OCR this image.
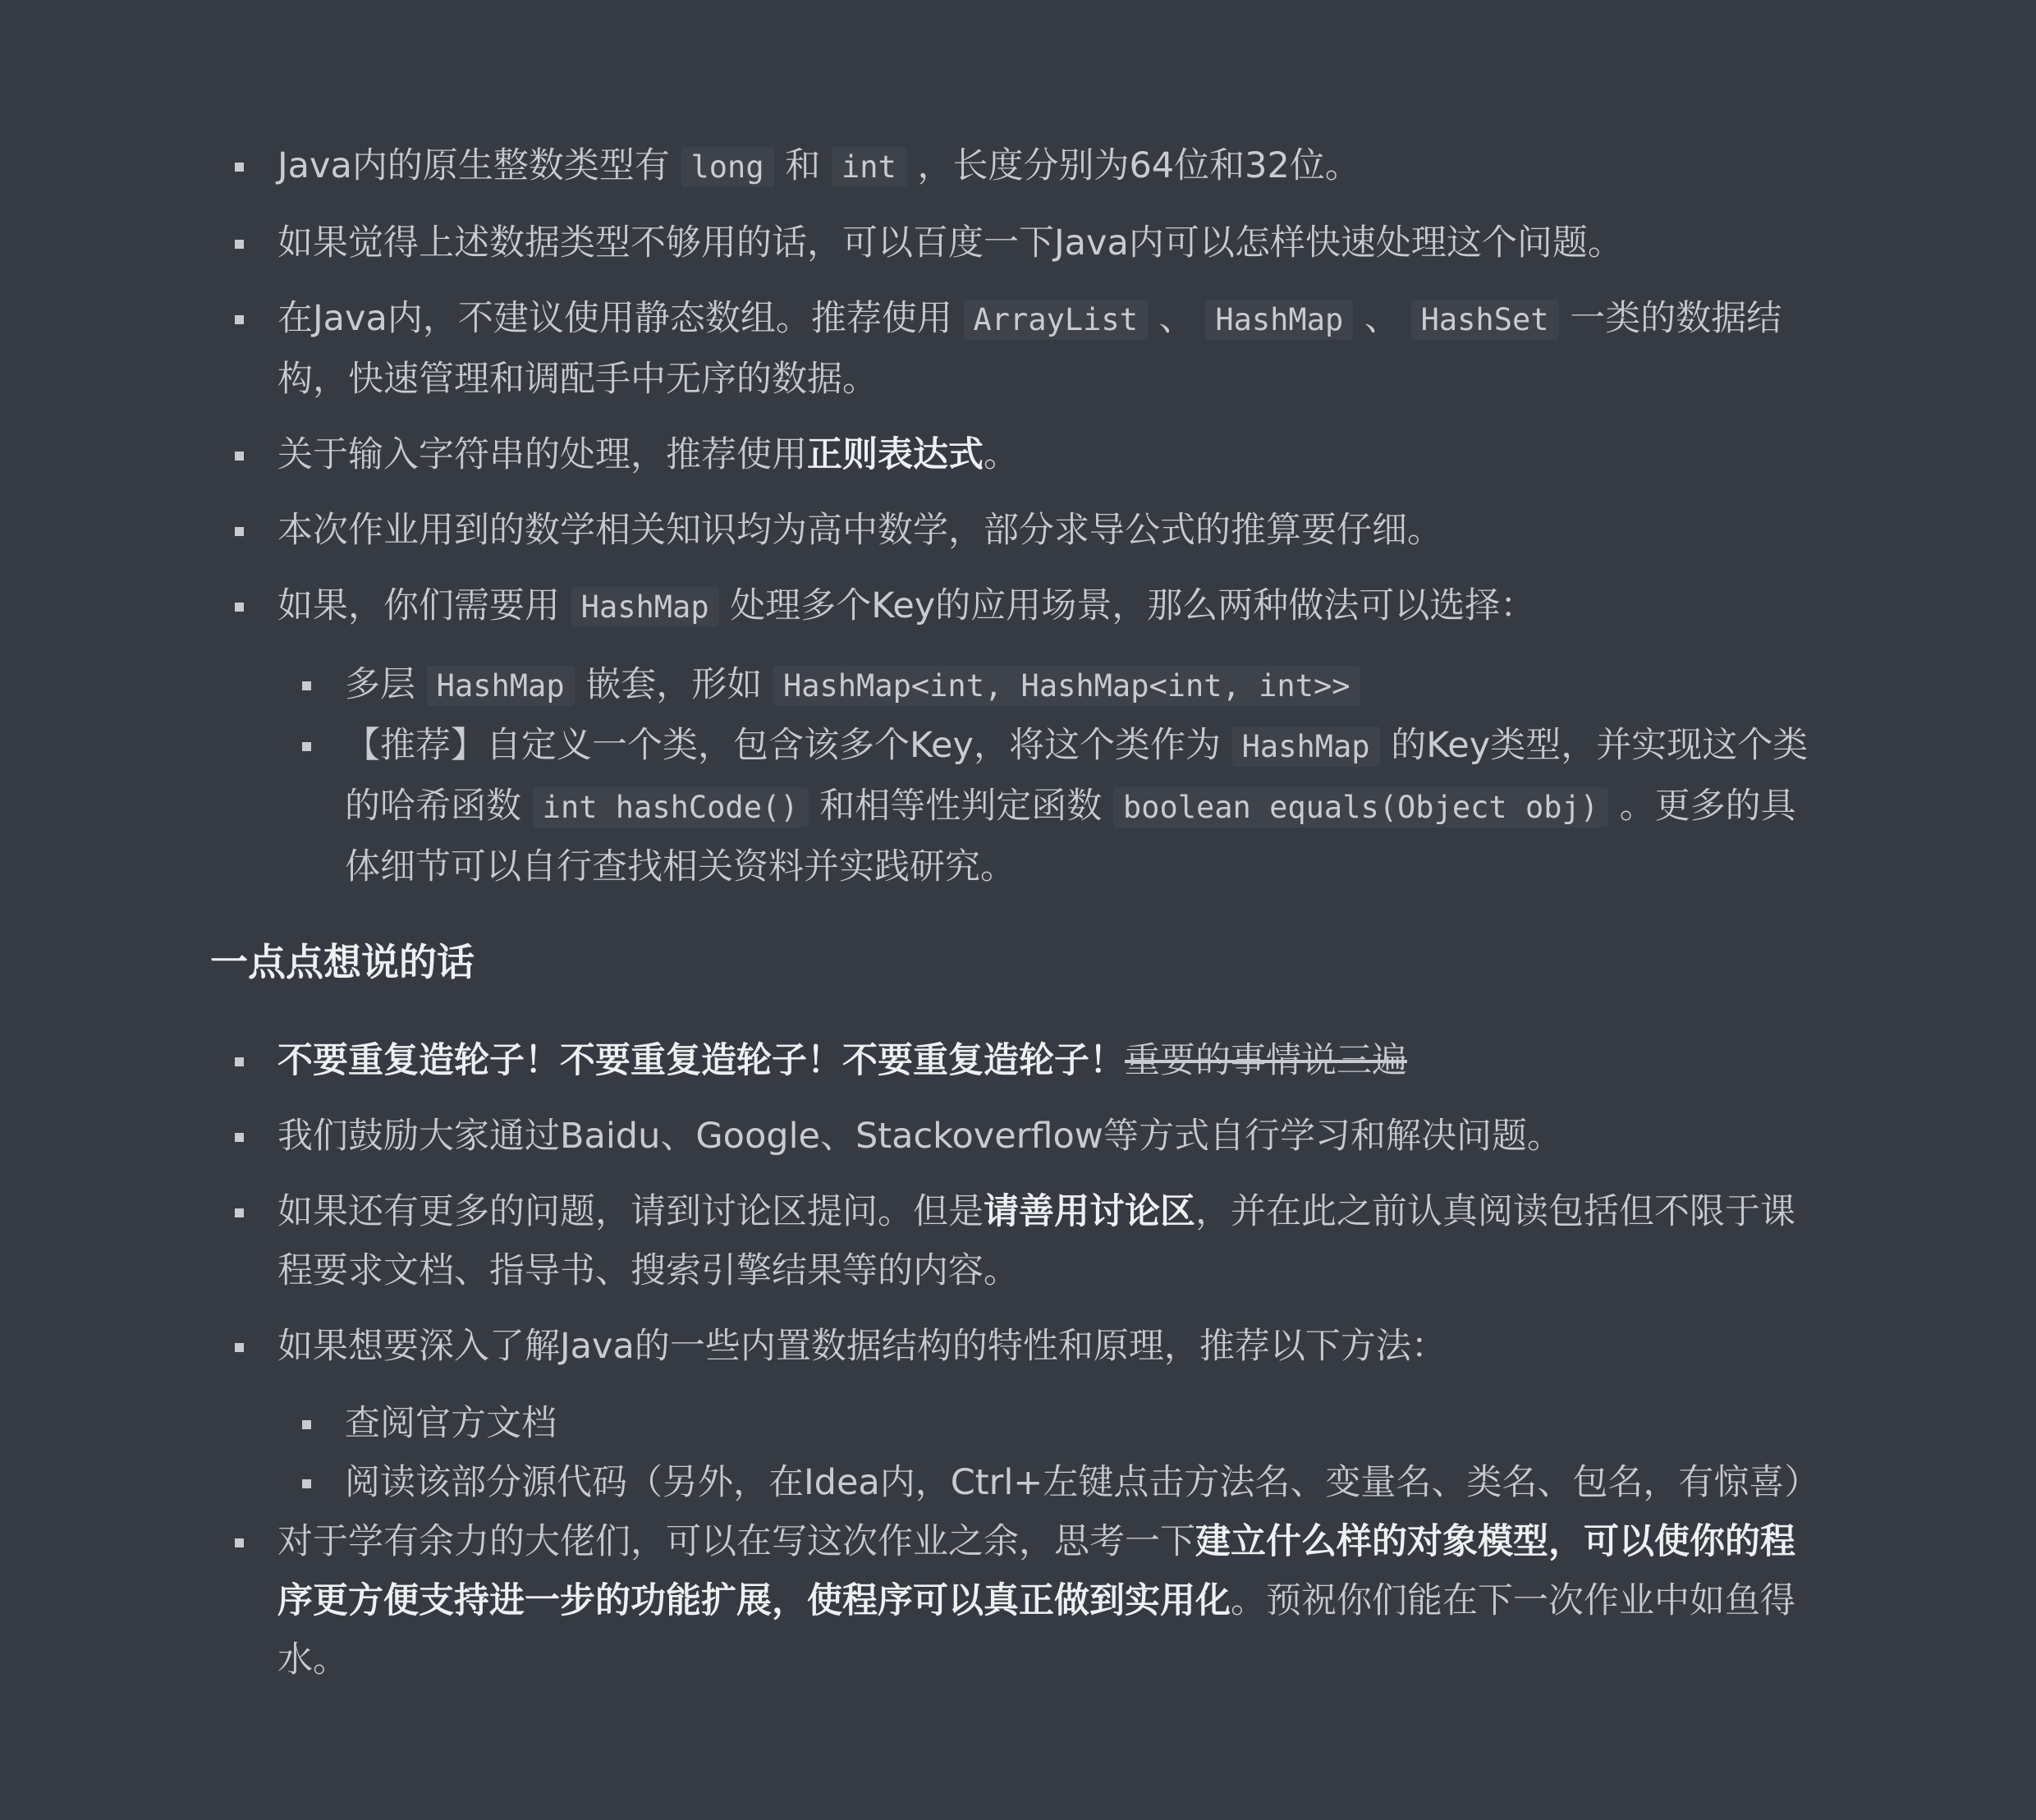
Java内的原生整数类型有 long 和 int ，长度分别为64位和32位。
如果觉得上述数据类型不够用的话，可以百度一下Java内可以怎样快速处理这个问题。
在Java内，不建议使用静态数组。推荐使用 ArrayList 、 HashMap 、 HashSet 一类的数据结构，快速管理和调配手中无序的数据。
关于输入字符串的处理，推荐使用正则表达式。
本次作业用到的数学相关知识均为高中数学，部分求导公式的推算要仔细。
如果，你们需要用 HashMap 处理多个Key的应用场景，那么两种做法可以选择：
多层 HashMap 嵌套，形如 HashMap<int, HashMap<int, int>>
【推荐】自定义一个类，包含该多个Key，将这个类作为 HashMap 的Key类型，并实现这个类的哈希函数 int hashCode() 和相等性判定函数 boolean equals(Object obj) 。更多的具体细节可以自行查找相关资料并实践研究。
一点点想说的话
不要重复造轮子！不要重复造轮子！不要重复造轮子！重要的事情说三遍
我们鼓励大家通过Baidu、Google、Stackoverflow等方式自行学习和解决问题。
如果还有更多的问题，请到讨论区提问。但是请善用讨论区，并在此之前认真阅读包括但不限于课程要求文档、指导书、搜索引擎结果等的内容。
如果想要深入了解Java的一些内置数据结构的特性和原理，推荐以下方法：
查阅官方文档
阅读该部分源代码（另外，在Idea内，Ctrl+左键点击方法名、变量名、类名、包名，有惊喜）
对于学有余力的大佬们，可以在写这次作业之余，思考一下建立什么样的对象模型，可以使你的程序更方便支持进一步的功能扩展，使程序可以真正做到实用化。预祝你们能在下一次作业中如鱼得水。
